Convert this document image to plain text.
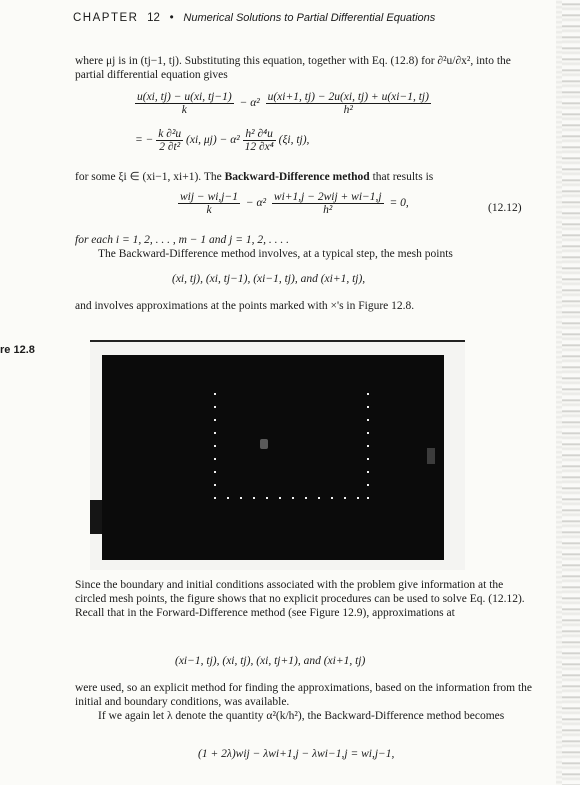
CHAPTER 12 • Numerical Solutions to Partial Differential Equations
where μj is in (tj−1, tj). Substituting this equation, together with Eq. (12.8) for ∂²u/∂x², into the partial differential equation gives
$\frac{u(xi, tj) - u(xi, tj-1)}{k} - \alpha^2 \frac{u(xi+1, tj) - 2u(xi, tj) + u(xi-1, tj)}{\text{h²}}$
= − $\frac{\text{k ∂²u}}{\text{2 ∂t²}} (xi$, $\mu j) - \alpha^2 \frac{\text{h² ∂⁴u}}{\text{12 ∂x⁴}} (\xi i$, tj),
for some ξi ∈ (xi−1, xi+1). The Backward-Difference method that results is
$\frac{\text{wij − wi,j−1}}{k} - \alpha^2 \frac{\text{wi+1,j − 2wij + wi−1,j}}{\text{h²}} = 0$,	(12.12)
for each i = 1, 2, . . . , m − 1 and j = 1, 2, . . . .
The Backward-Difference method involves, at a typical step, the mesh points
(xi, tj), (xi, tj−1), (xi−1, tj), and (xi+1, tj),
and involves approximations at the points marked with ×'s in Figure 12.8.
re 12.8
Since the boundary and initial conditions associated with the problem give information at the circled mesh points, the figure shows that no explicit procedures can be used to solve Eq. (12.12). Recall that in the Forward-Difference method (see Figure 12.9), approximations at
(xi−1, tj), (xi, tj), (xi, tj+1), and (xi+1, tj)
were used, so an explicit method for finding the approximations, based on the information from the initial and boundary conditions, was available.
If we again let λ denote the quantity α²(k/h²), the Backward-Difference method becomes
(1 + 2λ)wij − λwi+1,j − λwi−1,j = wi,j−1,
